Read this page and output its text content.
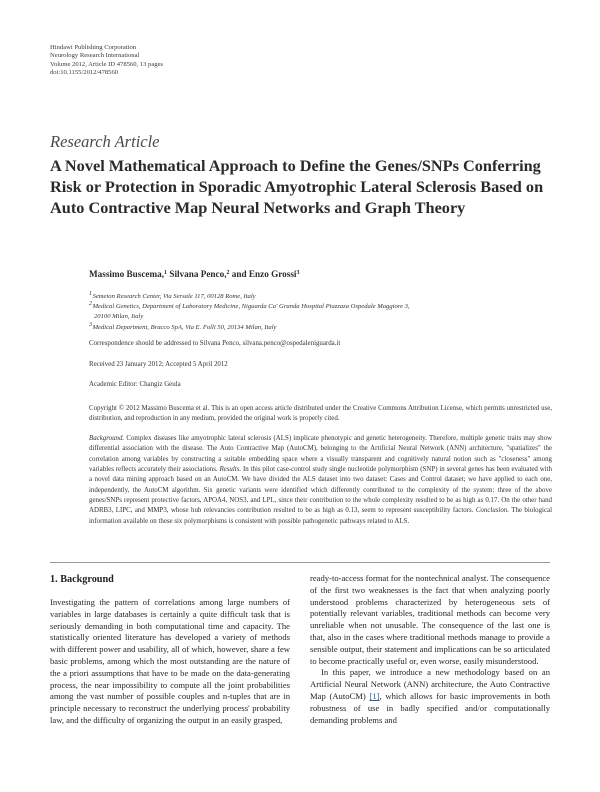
Hindawi Publishing Corporation
Neurology Research International
Volume 2012, Article ID 478560, 13 pages
doi:10.1155/2012/478560
Research Article
A Novel Mathematical Approach to Define the Genes/SNPs Conferring Risk or Protection in Sporadic Amyotrophic Lateral Sclerosis Based on Auto Contractive Map Neural Networks and Graph Theory
Massimo Buscema,$^1$ Silvana Penco,$^2$ and Enzo Grossi$^3$
$^1$ Semeion Research Center, Via Sersale 117, 00128 Rome, Italy
$^2$ Medical Genetics, Department of Laboratory Medicine, Niguarda Ca' Granda Hospital Piazzaza Ospedale Maggiore 3,
20100 Milan, Italy
$^3$ Medical Department, Bracco SpA, Via E. Folli 50, 20134 Milan, Italy
Correspondence should be addressed to Silvana Penco, silvana.penco@ospedaleniguarda.it
Received 23 January 2012; Accepted 5 April 2012
Academic Editor: Changiz Geula
Copyright © 2012 Massimo Buscema et al. This is an open access article distributed under the Creative Commons Attribution License, which permits unrestricted use, distribution, and reproduction in any medium, provided the original work is properly cited.
Background. Complex diseases like amyotrophic lateral sclerosis (ALS) implicate phenotypic and genetic heterogeneity. Therefore, multiple genetic traits may show differential association with the disease. The Auto Contractive Map (AutoCM), belonging to the Artificial Neural Network (ANN) architecture, "spatializes" the correlation among variables by constructing a suitable embedding space where a visually transparent and cognitively natural notion such as "closeness" among variables reflects accurately their associations. Results. In this pilot case-control study single nucleotide polymorphism (SNP) in several genes has been evaluated with a novel data mining approach based on an AutoCM. We have divided the ALS dataset into two dataset: Cases and Control dataset; we have applied to each one, independently, the AutoCM algorithm. Six genetic variants were identified which differently contributed to the complexity of the system: three of the above genes/SNPs represent protective factors, APOA4, NOS3, and LPL, since their contribution to the whole complexity resulted to be as high as 0.17. On the other hand ADRB3, LIPC, and MMP3, whose hub relevancies contribution resulted to be as high as 0.13, seem to represent susceptibility factors. Conclusion. The biological information available on these six polymorphisms is consistent with possible pathogenetic pathways related to ALS.
1. Background

Investigating the pattern of correlations among large numbers of variables in large databases is certainly a quite difficult task that is seriously demanding in both computational time and capacity. The statistically oriented literature has developed a variety of methods with different power and usability, all of which, however, share a few basic problems, among which the most outstanding are the nature of the a priori assumptions that have to be made on the data-generating process, the near impossibility to compute all the joint probabilities among the vast number of possible couples and n-tuples that are in principle necessary to reconstruct the underlying process' probability law, and the difficulty of organizing the output in an easily grasped,

ready-to-access format for the nontechnical analyst. The consequence of the first two weaknesses is the fact that when analyzing poorly understood problems characterized by heterogeneous sets of potentially relevant variables, traditional methods can become very unreliable when not unusable. The consequence of the last one is that, also in the cases where traditional methods manage to provide a sensible output, their statement and implications can be so articulated to become practically useful or, even worse, easily misunderstood.

In this paper, we introduce a new methodology based on an Artificial Neural Network (ANN) architecture, the Auto Contractive Map (AutoCM) [1], which allows for basic improvements in both robustness of use in badly specified and/or computationally demanding problems and
